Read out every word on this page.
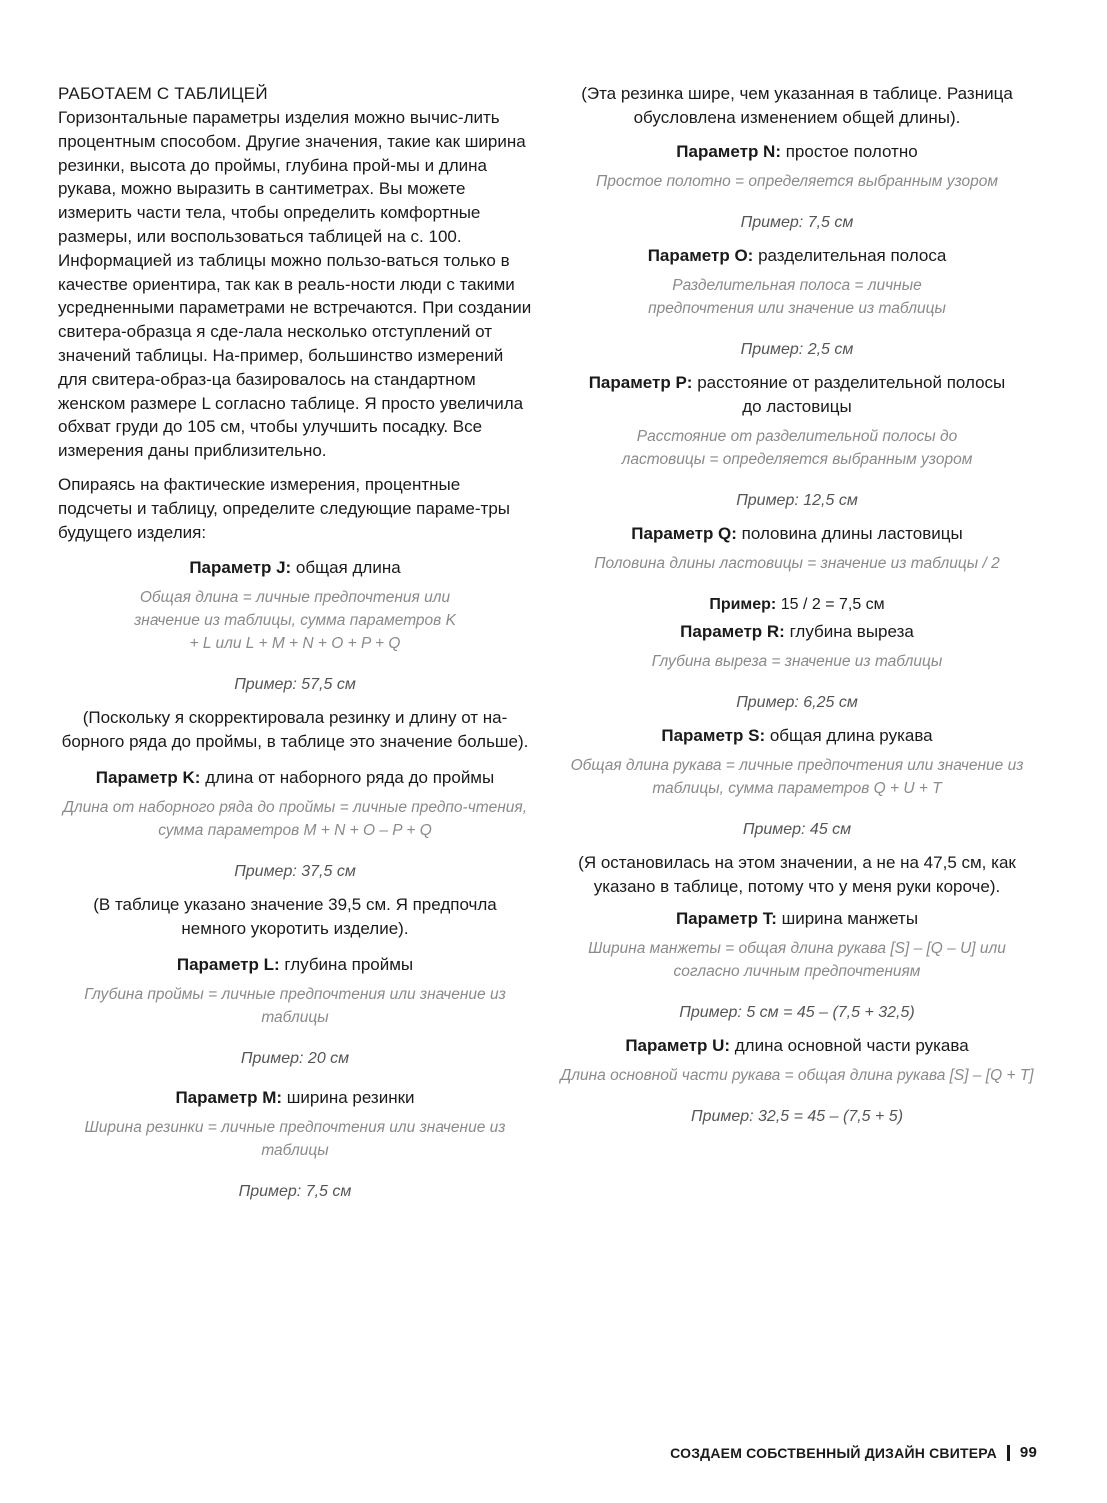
РАБОТАЕМ С ТАБЛИЦЕЙ

Горизонтальные параметры изделия можно вычис-лить процентным способом. Другие значения, такие как ширина резинки, высота до проймы, глубина прой-мы и длина рукава, можно выразить в сантиметрах. Вы можете измерить части тела, чтобы определить комфортные размеры, или воспользоваться таблицей на с. 100. Информацией из таблицы можно пользо-ваться только в качестве ориентира, так как в реаль-ности люди с такими усредненными параметрами не встречаются. При создании свитера-образца я сде-лала несколько отступлений от значений таблицы. На-пример, большинство измерений для свитера-образ-ца базировалось на стандартном женском размере L согласно таблице. Я просто увеличила обхват груди до 105 см, чтобы улучшить посадку. Все измерения даны приблизительно.

Опираясь на фактические измерения, процентные подсчеты и таблицу, определите следующие парамe-тры будущего изделия:

Параметр J: общая длина

Общая длина = личные предпочтения или значение из таблицы, сумма параметров K + L или L + M + N + O + P + Q

Пример: 57,5 см

(Поскольку я скорректировала резинку и длину от на-борного ряда до проймы, в таблице это значение больше).

Параметр K: длина от наборного ряда до проймы

Длина от наборного ряда до проймы = личные предпо-чтения, сумма параметров M + N + O – P + Q

Пример: 37,5 см

(В таблице указано значение 39,5 см. Я предпочла немного укоротить изделие).

Параметр L: глубина проймы

Глубина проймы = личные предпочтения или значение из таблицы

Пример: 20 см

Параметр M: ширина резинки

Ширина резинки = личные предпочтения или значение из таблицы

Пример: 7,5 см

(Эта резинка шире, чем указанная в таблице. Разница обусловлена изменением общей длины).

Параметр N: простое полотно

Простое полотно = определяется выбранным узором

Пример: 7,5 см

Параметр O: разделительная полоса

Разделительная полоса = личные предпочтения или значение из таблицы

Пример: 2,5 см

Параметр P: расстояние от разделительной полосы до ластовицы

Расстояние от разделительной полосы до ластовицы = определяется выбранным узором

Пример: 12,5 см

Параметр Q: половина длины ластовицы

Половина длины ластовицы = значение из таблицы / 2

Пример: 15 / 2 = 7,5 см

Параметр R: глубина выреза

Глубина выреза = значение из таблицы

Пример: 6,25 см

Параметр S: общая длина рукава

Общая длина рукава = личные предпочтения или значение из таблицы, сумма параметров Q + U + T

Пример: 45 см

(Я остановилась на этом значении, а не на 47,5 см, как указано в таблице, потому что у меня руки короче).

Параметр T: ширина манжеты

Ширина манжеты = общая длина рукава [S] – [Q – U] или согласно личным предпочтениям

Пример: 5 см = 45 – (7,5 + 32,5)

Параметр U: длина основной части рукава

Длина основной части рукава = общая длина рукава [S] – [Q + T]

Пример: 32,5 = 45 – (7,5 + 5)

СОЗДАЕМ СОБСТВЕННЫЙ ДИЗАЙН СВИТЕРА 99
